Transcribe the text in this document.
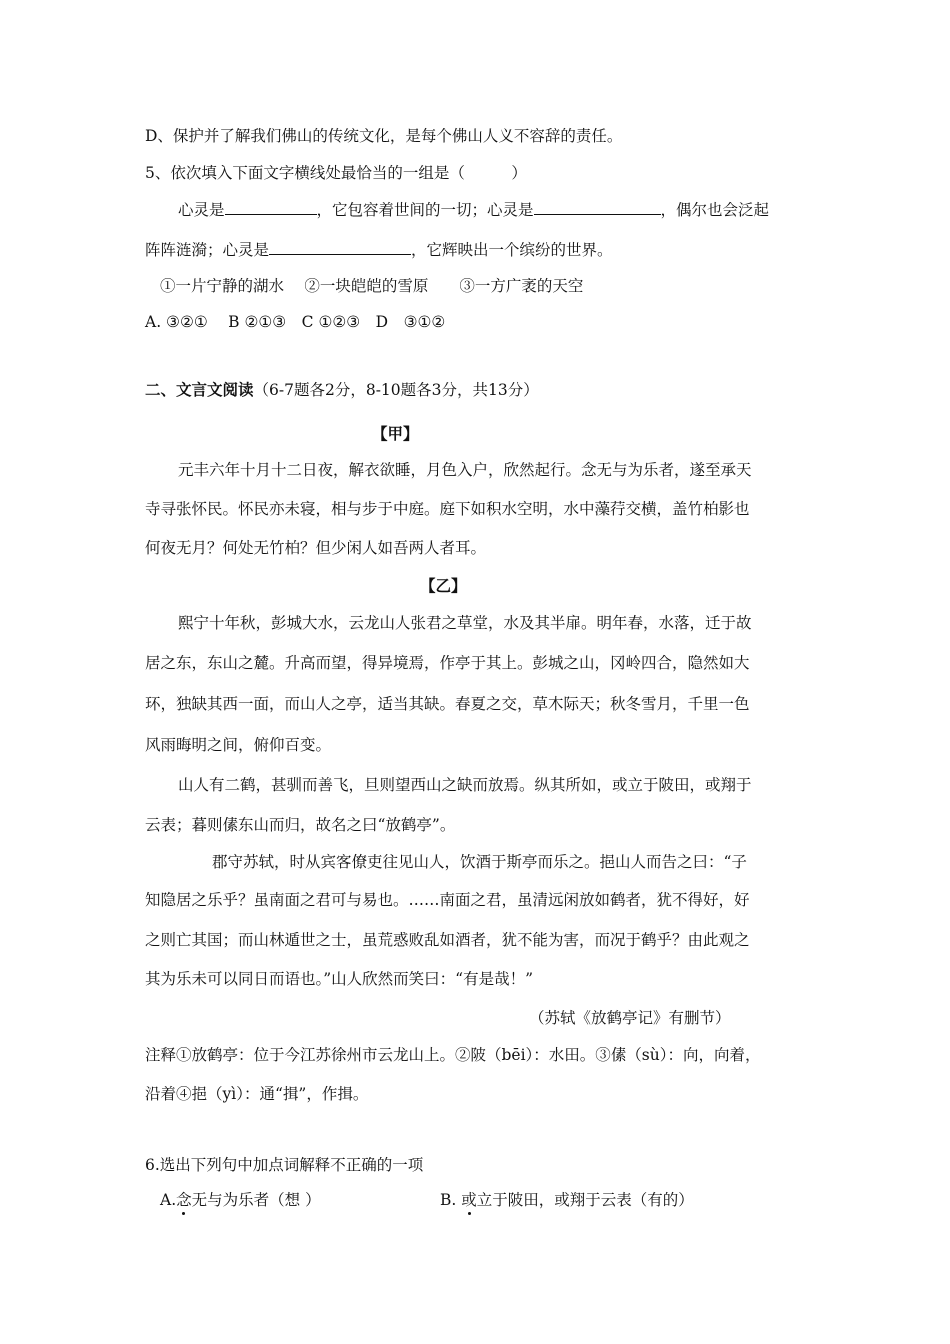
D、保护并了解我们佛山的传统文化，是每个佛山人义不容辞的责任。
5、依次填入下面文字横线处最恰当的一组是（　　　）
心灵是	，它包容着世间的一切；心灵是	，偶尔也会泛起
阵阵涟漪；心灵是	，它辉映出一个缤纷的世界。
①一片宁静的湖水　 ②一块皑皑的雪原　　③一方广袤的天空
A. ③②①　 B ②①③　C ①②③　D　③①②
二、文言文阅读（6-7题各2分，8-10题各3分，共13分）
【甲】
元丰六年十月十二日夜，解衣欲睡，月色入户，欣然起行。念无与为乐者，遂至承天
寺寻张怀民。怀民亦未寝，相与步于中庭。庭下如积水空明，水中藻荇交横，盖竹柏影也
何夜无月？何处无竹柏？但少闲人如吾两人者耳。
【乙】
熙宁十年秋，彭城大水，云龙山人张君之草堂，水及其半扉。明年春，水落，迁于故
居之东，东山之麓。升高而望，得异境焉，作亭于其上。彭城之山，冈岭四合，隐然如大
环，独缺其西一面，而山人之亭，适当其缺。春夏之交，草木际天；秋冬雪月，千里一色
风雨晦明之间，俯仰百变。
山人有二鹤，甚驯而善飞，旦则望西山之缺而放焉。纵其所如，或立于陂田，或翔于
云表；暮则傃东山而归，故名之曰“放鹤亭”。
郡守苏轼，时从宾客僚吏往见山人，饮酒于斯亭而乐之。挹山人而告之曰：“子
知隐居之乐乎？虽南面之君可与易也。……南面之君，虽清远闲放如鹤者，犹不得好，好
之则亡其国；而山林遁世之士，虽荒惑败乱如酒者，犹不能为害，而况于鹤乎？由此观之
其为乐未可以同日而语也。”山人欣然而笑曰：“有是哉！”
（苏轼《放鹤亭记》有删节）
注释①放鹤亭：位于今江苏徐州市云龙山上。②陂（bēi）：水田。③傃（sù）：向，向着，
沿着④挹（yì）：通“揖”，作揖。
6.选出下列句中加点词解释不正确的一项
A.念无与为乐者（想 ）	B. 或立于陂田，或翔于云表（有的）
